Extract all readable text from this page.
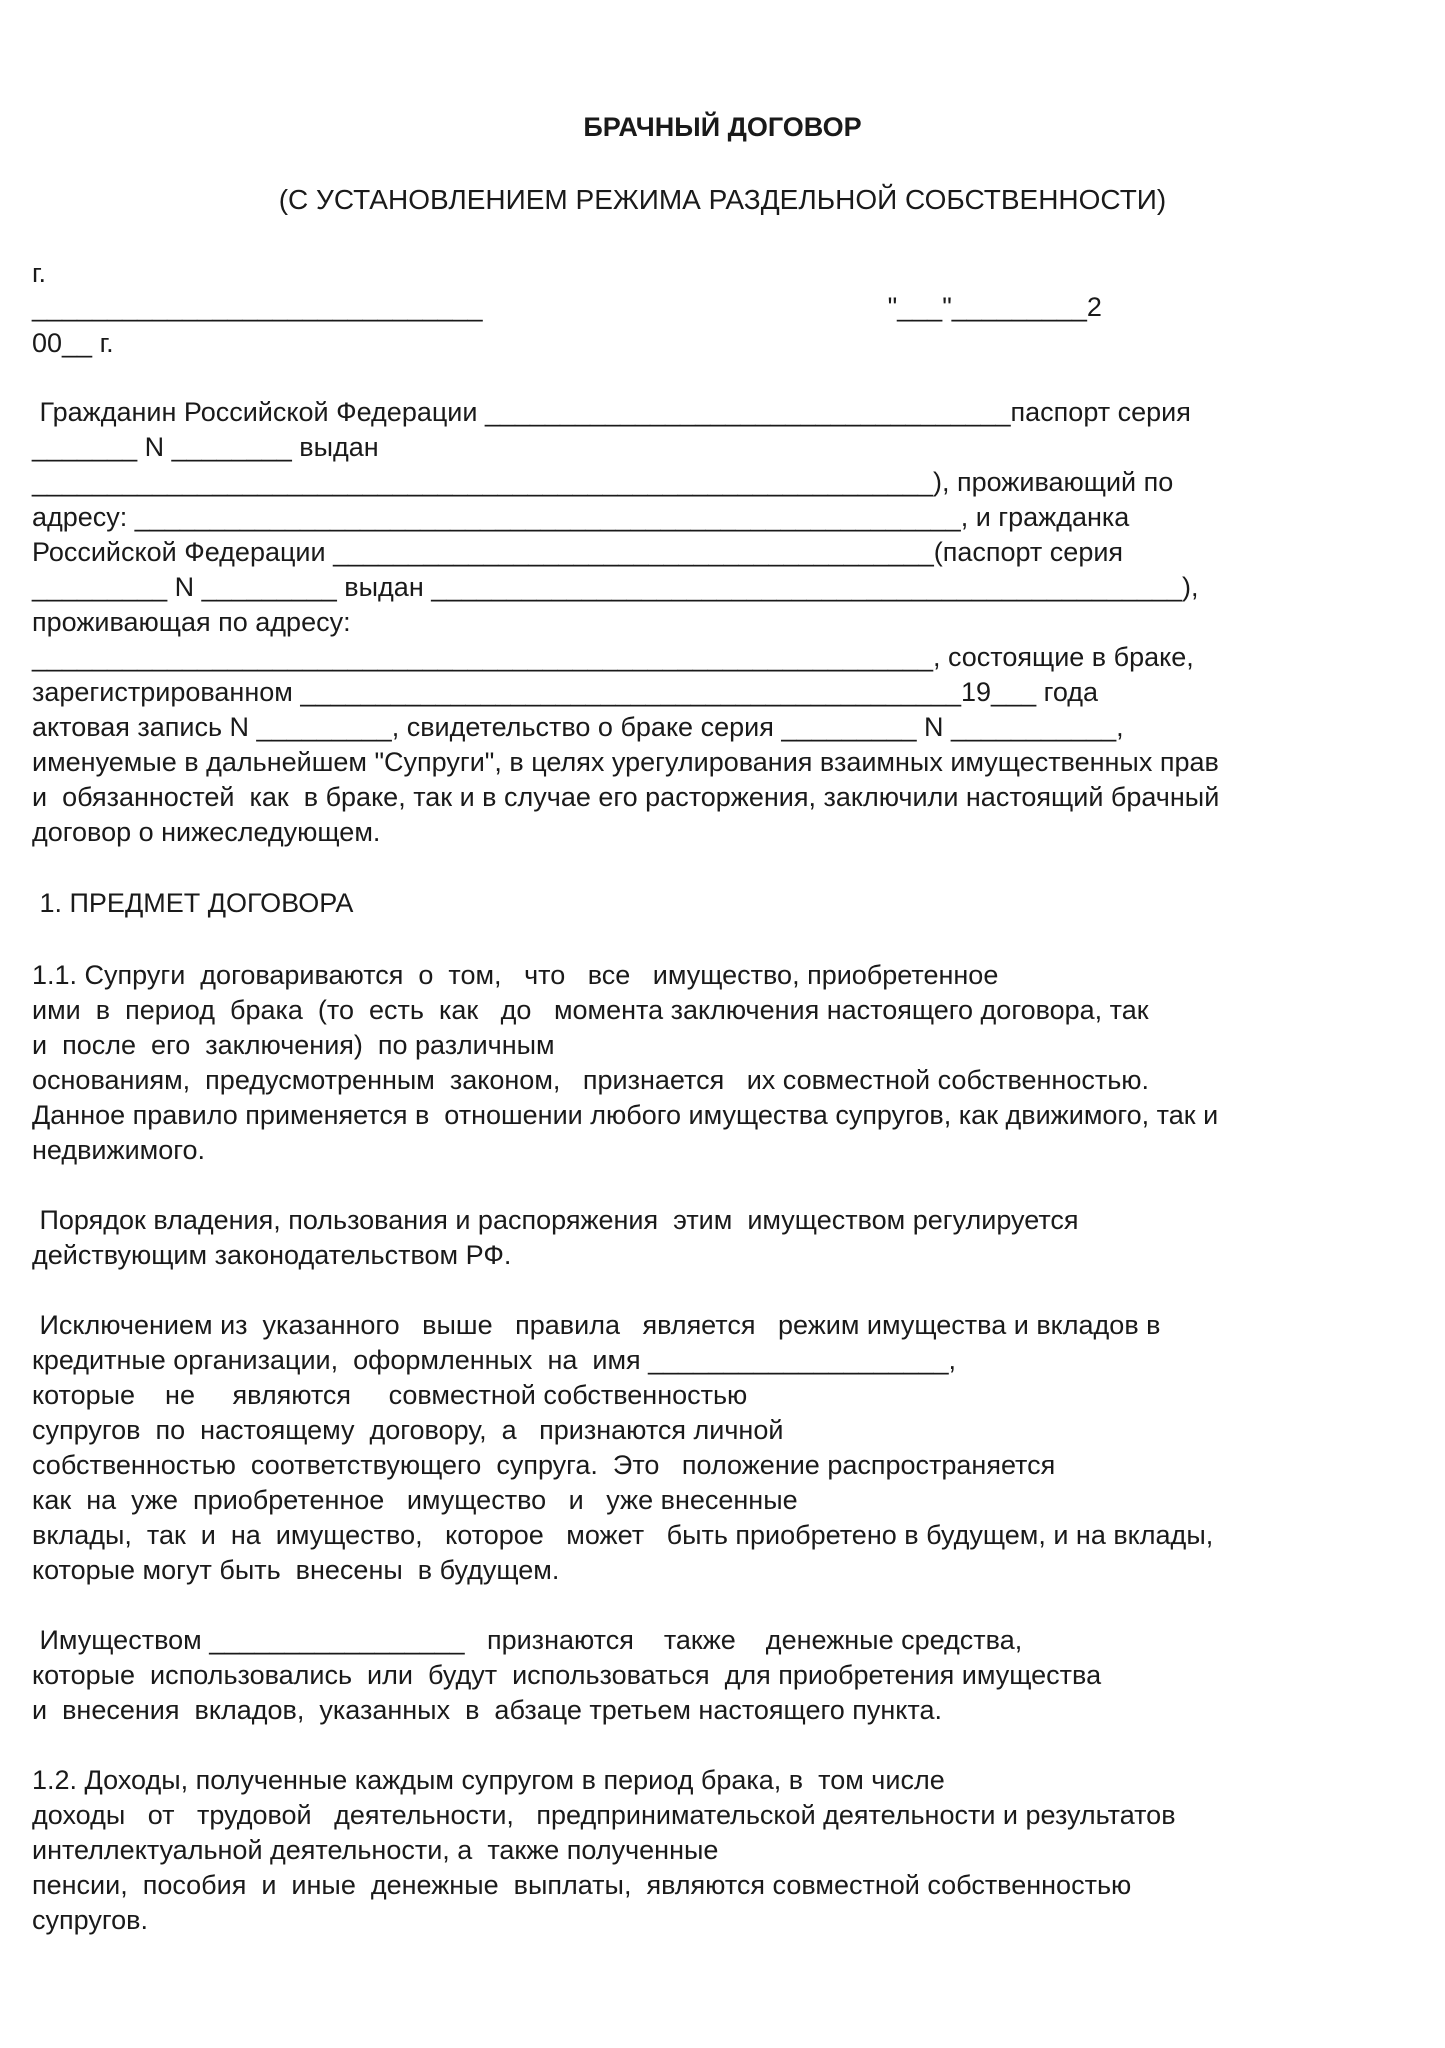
БРАЧНЫЙ ДОГОВОР
(С УСТАНОВЛЕНИЕМ РЕЖИМА РАЗДЕЛЬНОЙ СОБСТВЕННОСТИ)
г.
______________________________                                                      "___"_________2
00__ г.
Гражданин Российской Федерации ___________________________________паспорт серия
_______ N ________ выдан
____________________________________________________________), проживающий по
адресу: _______________________________________________________, и гражданка
Российской Федерации ________________________________________(паспорт серия
_________ N _________ выдан __________________________________________________),
проживающая по адресу:
____________________________________________________________, состоящие в браке,
зарегистрированном ____________________________________________19___ года
актовая запись N _________, свидетельство о браке серия _________ N ___________,
именуемые в дальнейшем "Супруги", в целях урегулирования взаимных имущественных прав
и  обязанностей  как  в браке, так и в случае его расторжения, заключили настоящий брачный
договор о нижеследующем.
1. ПРЕДМЕТ ДОГОВОРА
1.1. Супруги  договариваются  о  том,   что   все   имущество, приобретенное
ими  в  период  брака  (то  есть  как   до   момента заключения настоящего договора, так
и  после  его  заключения)  по различным
основаниям,  предусмотренным  законом,   признается   их совместной собственностью.
Данное правило применяется в  отношении любого имущества супругов, как движимого, так и
недвижимого.
Порядок владения, пользования и распоряжения  этим  имуществом регулируется
действующим законодательством РФ.
Исключением из  указанного   выше   правила   является   режим имущества и вкладов в
кредитные организации,  оформленных  на  имя ____________________,
которые    не     являются     совместной собственностью
супругов  по  настоящему  договору,  а   признаются личной
собственностью  соответствующего  супруга.  Это   положение распространяется
как  на  уже  приобретенное   имущество   и   уже внесенные
вклады,  так  и  на  имущество,   которое   может   быть приобретено в будущем, и на вклады,
которые могут быть  внесены  в будущем.
Имуществом _________________   признаются    также    денежные средства,
которые  использовались  или  будут  использоваться  для приобретения имущества
и  внесения  вкладов,  указанных  в  абзаце третьем настоящего пункта.
1.2. Доходы, полученные каждым супругом в период брака, в  том числе
доходы   от   трудовой   деятельности,   предпринимательской деятельности и результатов
интеллектуальной деятельности, а  также полученные
пенсии,  пособия  и  иные  денежные  выплаты,  являются совместной собственностью
супругов.
